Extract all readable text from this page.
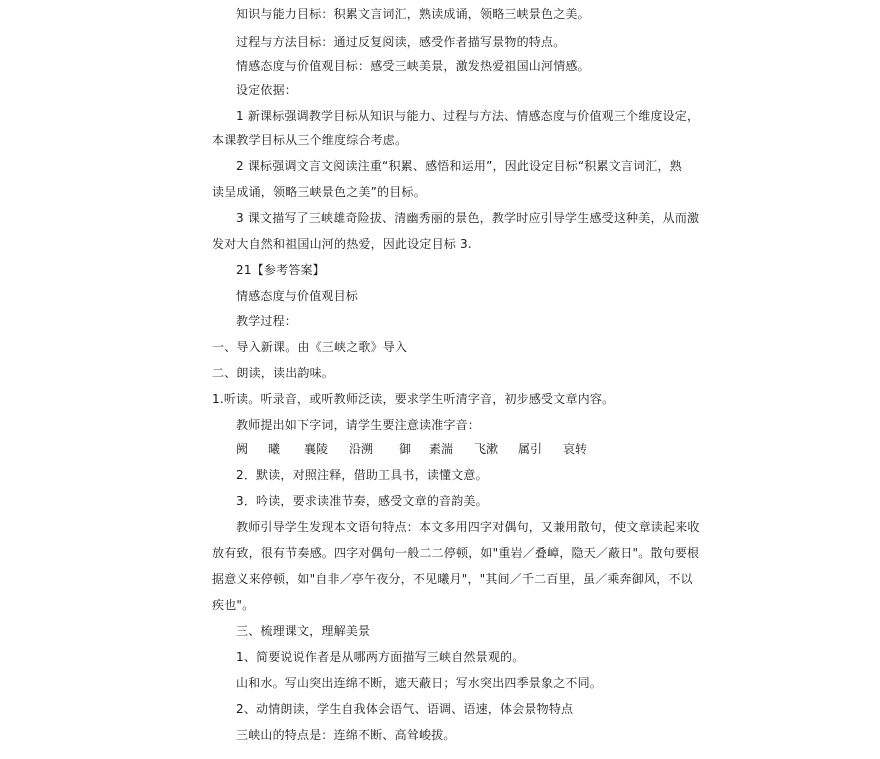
知识与能力目标：积累文言词汇，熟读成诵，领略三峡景色之美。
过程与方法目标：通过反复阅读，感受作者描写景物的特点。
情感态度与价值观目标：感受三峡美景，激发热爱祖国山河情感。
设定依据：
1 新课标强调教学目标从知识与能力、过程与方法、情感态度与价值观三个维度设定，
本课教学目标从三个维度综合考虑。
2 课标强调文言文阅读注重“积累、感悟和运用”，因此设定目标“积累文言词汇，熟
读呈成诵，领略三峡景色之美”的目标。
3 课文描写了三峡雄奇险拔、清幽秀丽的景色，教学时应引导学生感受这种美，从而激
发对大自然和祖国山河的热爱，因此设定目标 3.
21【参考答案】
情感态度与价值观目标
教学过程：
一、导入新课。由《三峡之歌》导入
二、朗读，读出韵味。
1.听读。听录音，或听教师泛读，要求学生听清字音，初步感受文章内容。
教师提出如下字词，请学生要注意读准字音：
阙 曦 襄陵 沿溯 御 素湍 飞漱 属引 哀转
2．默读，对照注释，借助工具书，读懂文意。
3．吟读，要求读准节奏，感受文章的音韵美。
教师引导学生发现本文语句特点：本文多用四字对偶句，又兼用散句，使文章读起来收
放有致，很有节奏感。四字对偶句一般二二停顿，如"重岩／叠嶂，隐天／蔽日"。散句要根
据意义来停顿，如"自非／亭午夜分，不见曦月"，"其间／千二百里，虽／乘奔御风，不以
疾也"。
三、梳理课文，理解美景
1、简要说说作者是从哪两方面描写三峡自然景观的。
山和水。写山突出连绵不断，遮天蔽日；写水突出四季景象之不同。
2、动情朗读，学生自我体会语气、语调、语速，体会景物特点
三峡山的特点是：连绵不断、高耸峻拔。
